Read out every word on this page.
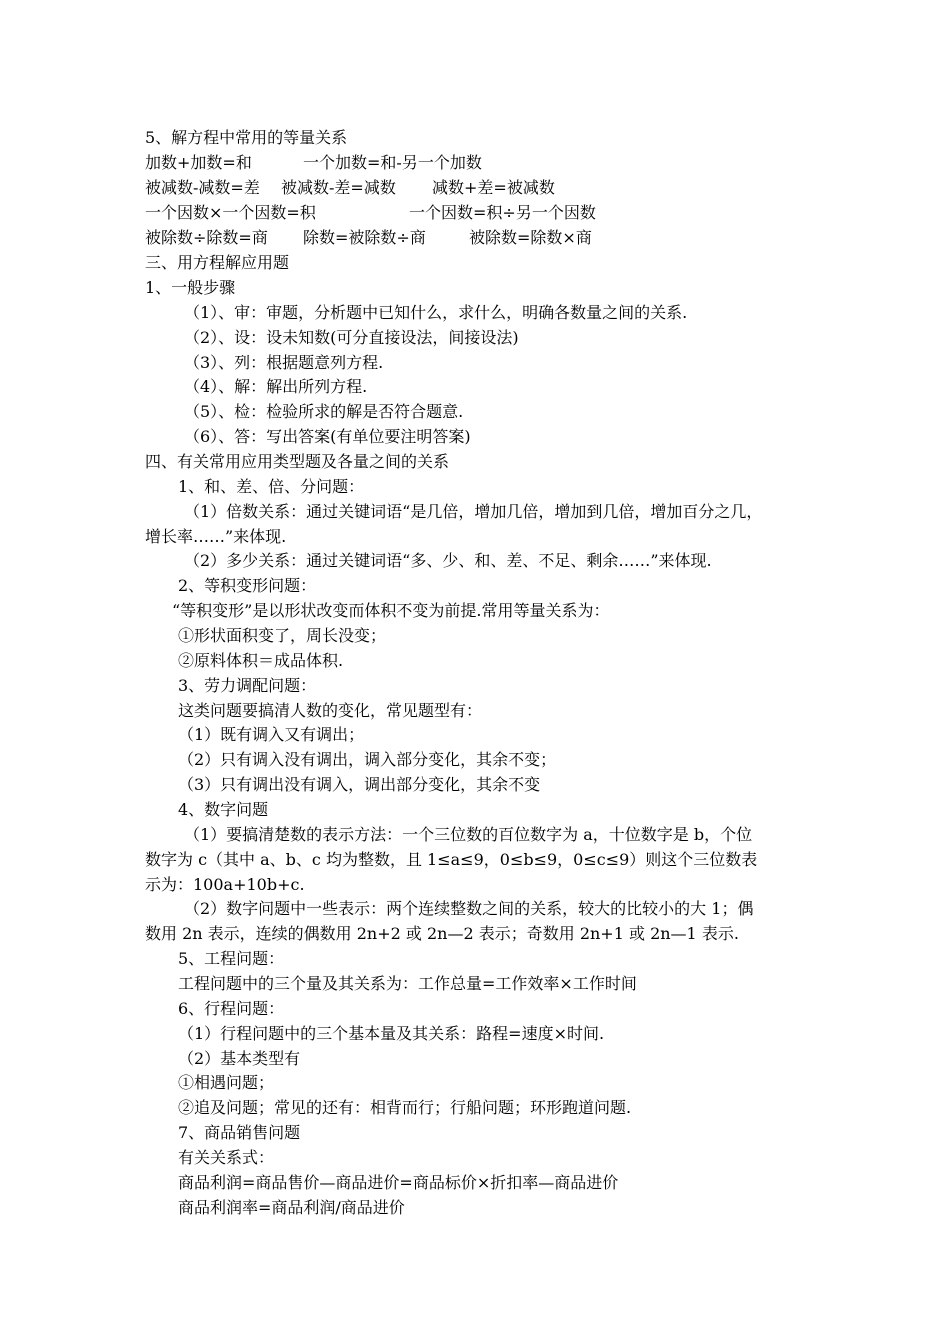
5、解方程中常用的等量关系
加数+加数=和	一个加数=和-另一个加数
被减数-减数=差 被减数-差=减数 减数+差=被减数
一个因数×一个因数=积	一个因数=积÷另一个因数
被除数÷除数=商 除数=被除数÷商	被除数=除数×商
三、用方程解应用题
1、一般步骤
（1）、审：审题，分析题中已知什么，求什么，明确各数量之间的关系.
（2）、设：设未知数(可分直接设法，间接设法)
（3）、列：根据题意列方程.
（4）、解：解出所列方程.
（5）、检：检验所求的解是否符合题意.
（6）、答：写出答案(有单位要注明答案)
四、有关常用应用类型题及各量之间的关系
1、和、差、倍、分问题：
（1）倍数关系：通过关键词语“是几倍，增加几倍，增加到几倍，增加百分之几，
增长率……”来体现.
（2）多少关系：通过关键词语“多、少、和、差、不足、剩余……”来体现.
2、等积变形问题：
“等积变形”是以形状改变而体积不变为前提.常用等量关系为：
①形状面积变了，周长没变；
②原料体积＝成品体积.
3、劳力调配问题：
这类问题要搞清人数的变化，常见题型有：
（1）既有调入又有调出；
（2）只有调入没有调出，调入部分变化，其余不变；
（3）只有调出没有调入，调出部分变化，其余不变
4、数字问题
（1）要搞清楚数的表示方法：一个三位数的百位数字为 a，十位数字是 b，个位
数字为 c（其中 a、b、c 均为整数，且 1≤a≤9，0≤b≤9，0≤c≤9）则这个三位数表
示为：100a+10b+c.
（2）数字问题中一些表示：两个连续整数之间的关系，较大的比较小的大 1；偶
数用 2n 表示，连续的偶数用 2n+2 或 2n—2 表示；奇数用 2n+1 或 2n—1 表示.
5、工程问题：
工程问题中的三个量及其关系为：工作总量=工作效率×工作时间
6、行程问题：
（1）行程问题中的三个基本量及其关系：路程=速度×时间.
（2）基本类型有
①相遇问题；
②追及问题；常见的还有：相背而行；行船问题；环形跑道问题.
7、商品销售问题
有关关系式：
商品利润=商品售价—商品进价=商品标价×折扣率—商品进价
商品利润率=商品利润/商品进价
